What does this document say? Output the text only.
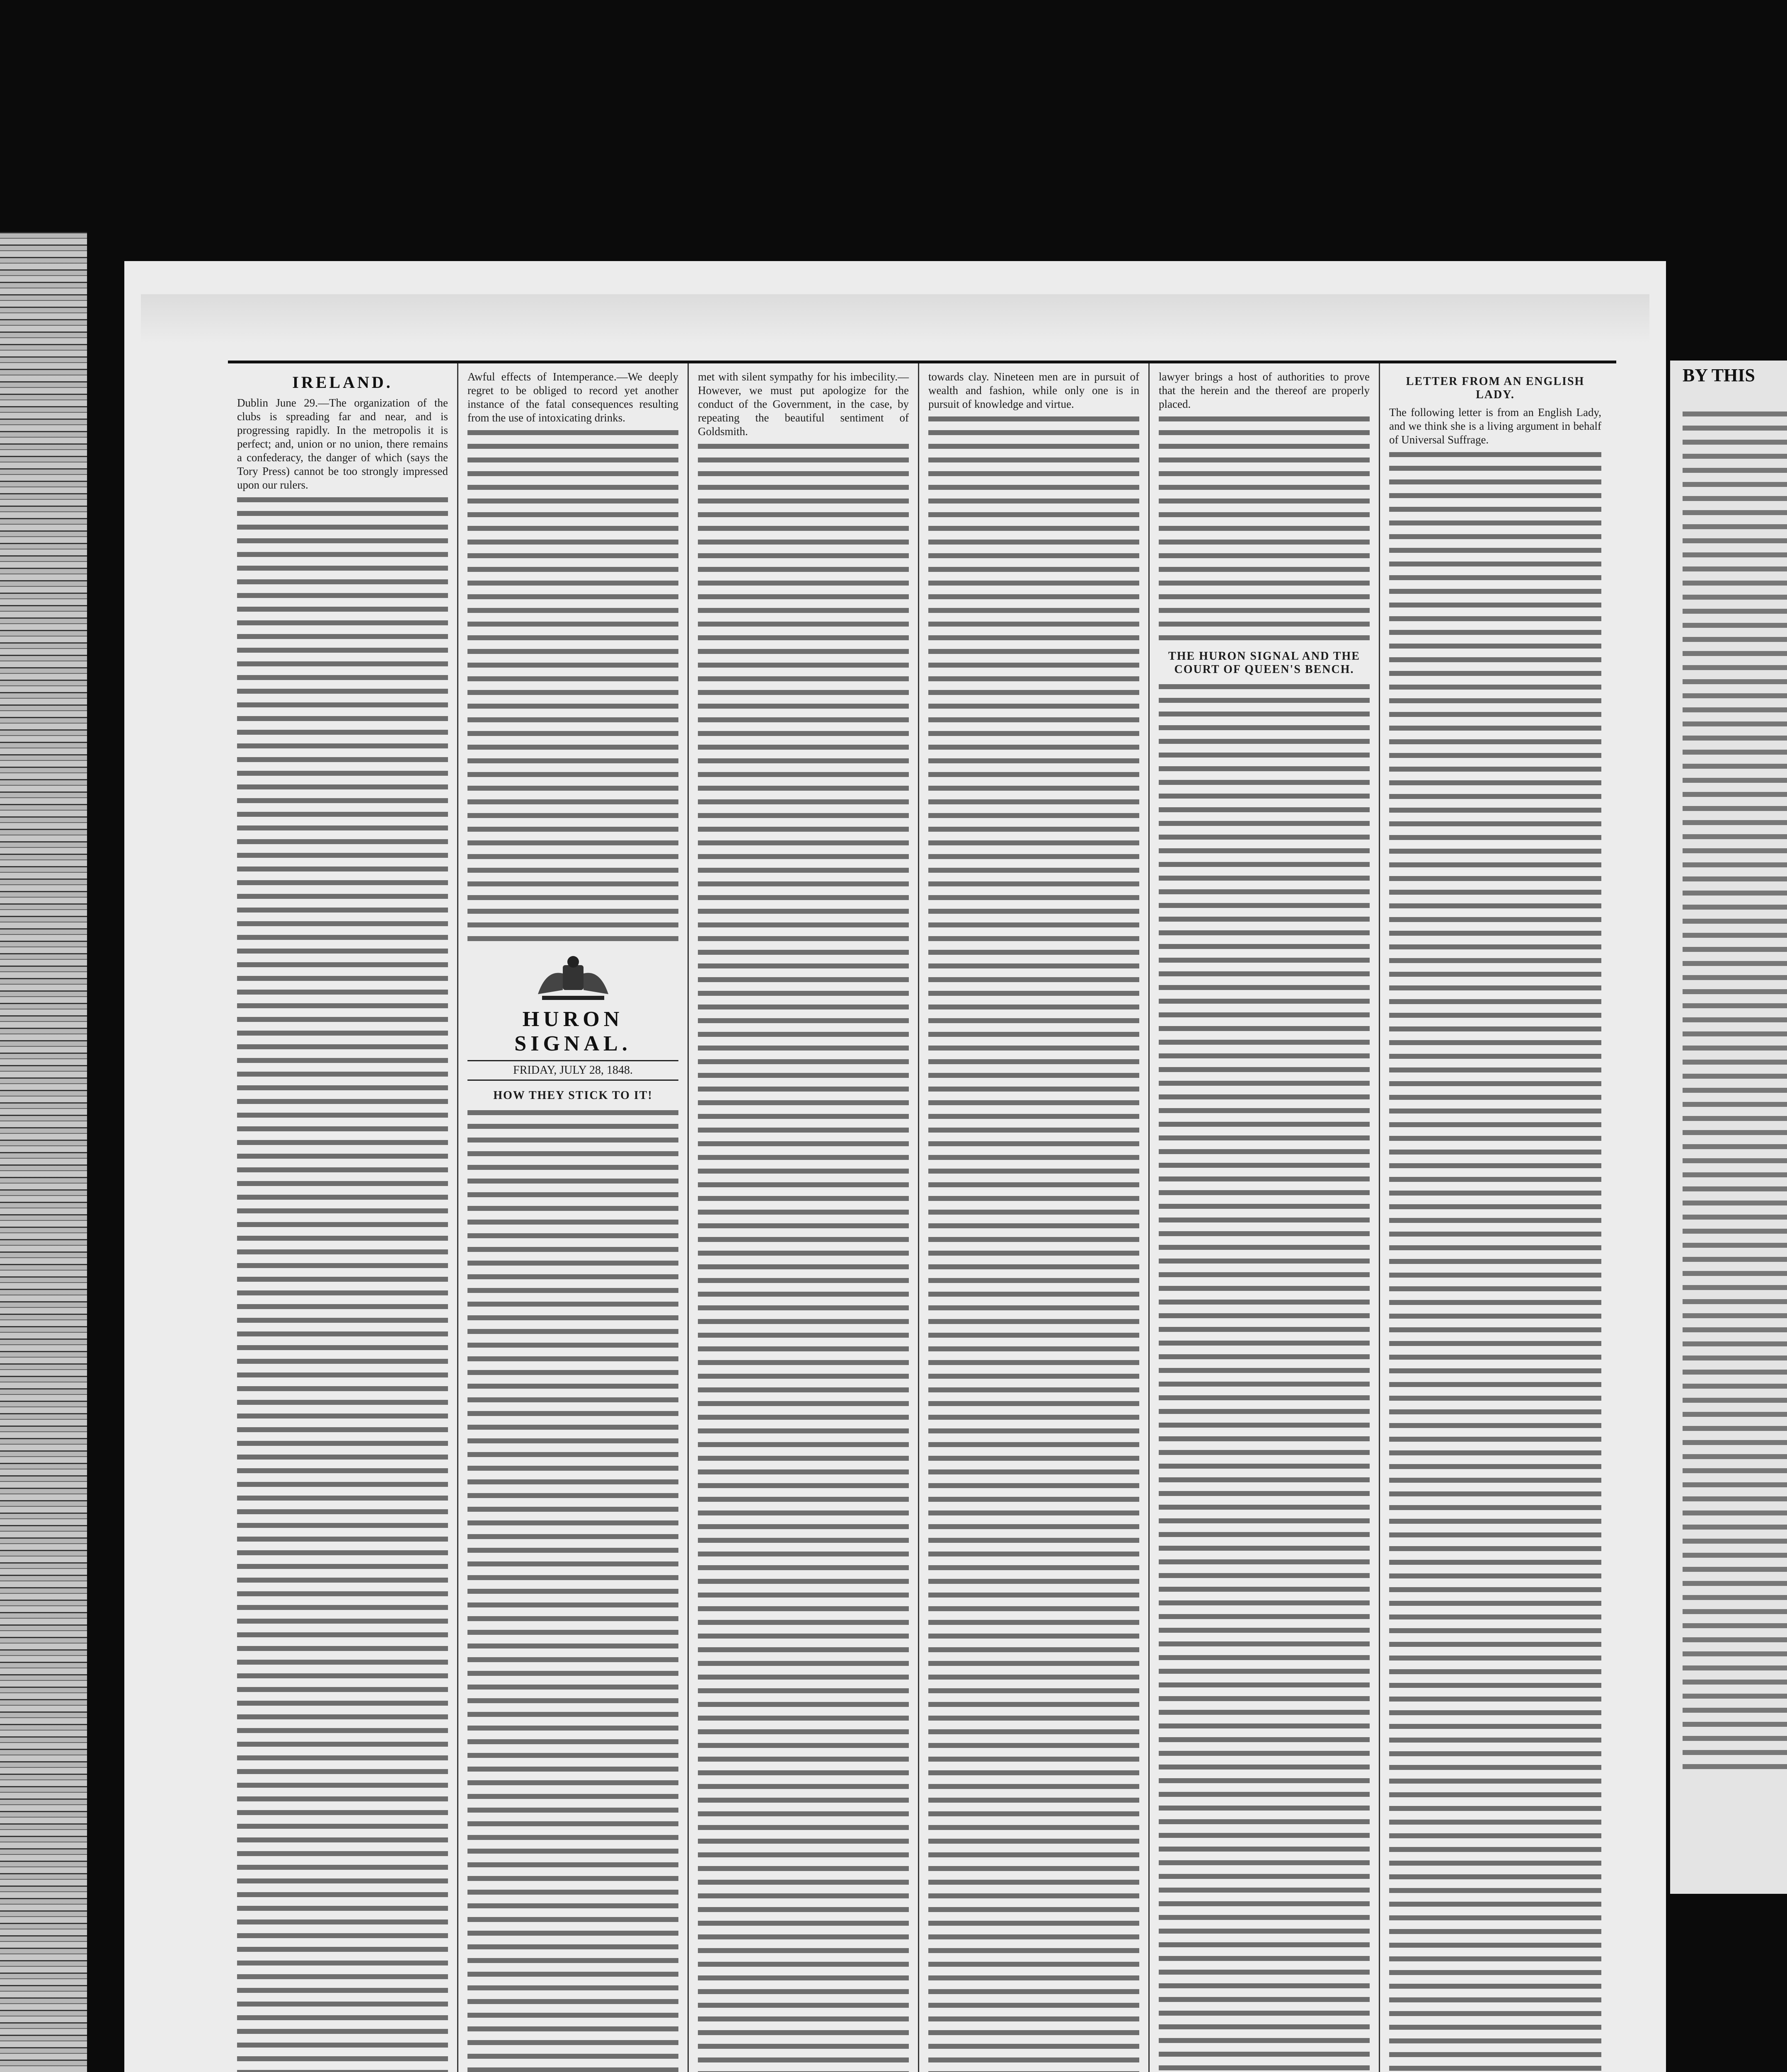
IRELAND.

Dublin June 29.—The organization of the clubs is spreading far and near, and is progressing rapidly. In the metropolis it is perfect; and, union or no union, there remains a confederacy, the danger of which (says the Tory Press) cannot be too strongly impressed upon our rulers.

Awful effects of Intemperance.—We deeply regret to be obliged to record yet another instance of the fatal consequences resulting from the use of intoxicating drinks.

HURON SIGNAL.
FRIDAY, JULY 28, 1848.
HOW THEY STICK TO IT!

met with silent sympathy for his imbecility.—However, we must put apologize for the conduct of the Government, in the case, by repeating the beautiful sentiment of Goldsmith.

towards clay. Nineteen men are in pursuit of wealth and fashion, while only one is in pursuit of knowledge and virtue.

lawyer brings a host of authorities to prove that the herein and the thereof are properly placed.

THE HURON SIGNAL AND THE COURT OF QUEEN'S BENCH.
LETTER FROM AN ENGLISH LADY.

The following letter is from an English Lady, and we think she is a living argument in behalf of Universal Suffrage.

BY THIS
